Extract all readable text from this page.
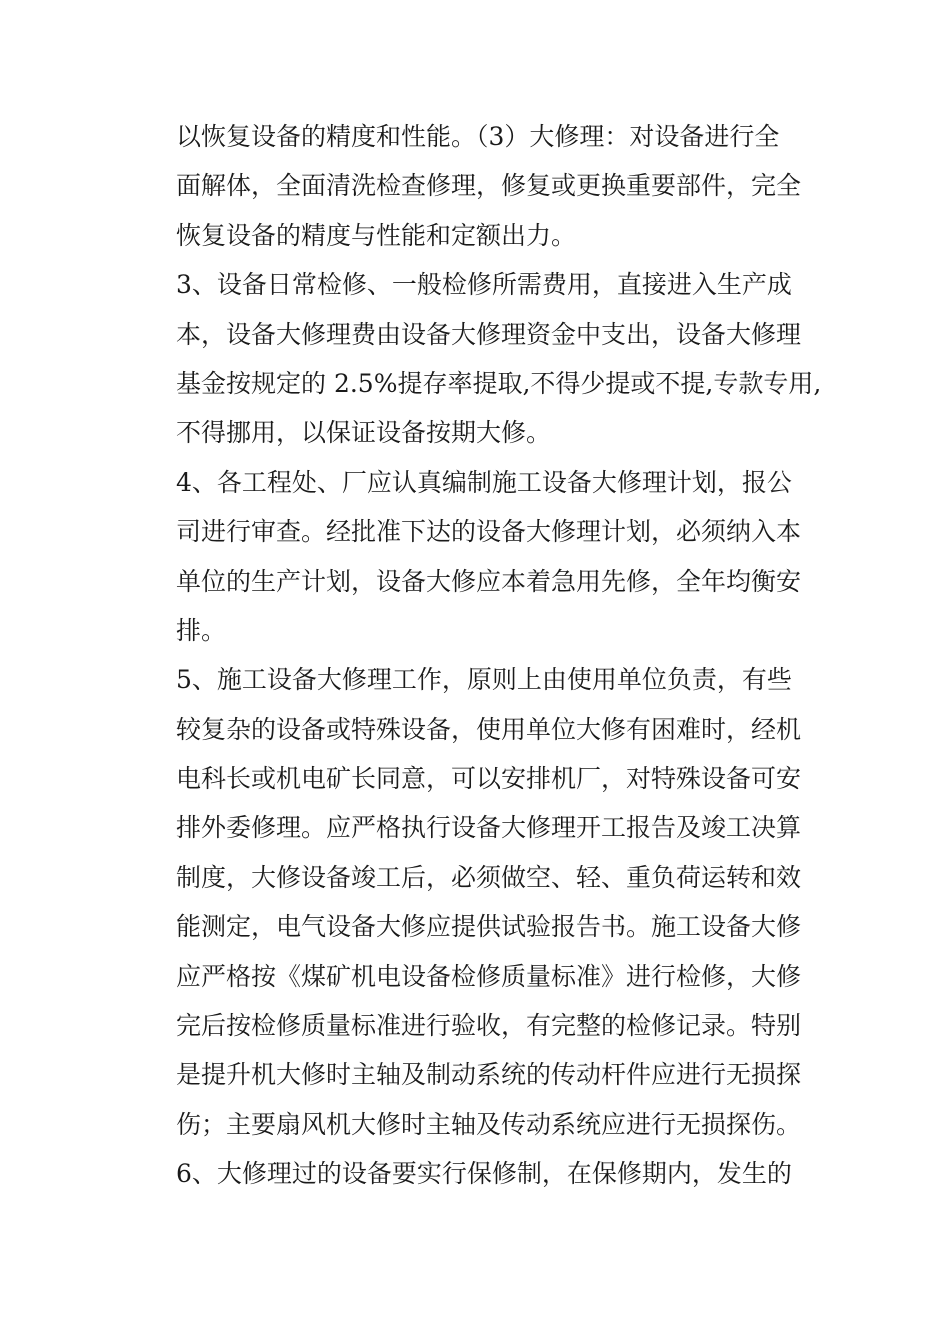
以恢复设备的精度和性能。（3）大修理：对设备进行全
面解体，全面清洗检查修理，修复或更换重要部件，完全
恢复设备的精度与性能和定额出力。
3、设备日常检修、一般检修所需费用，直接进入生产成
本，设备大修理费由设备大修理资金中支出，设备大修理
基金按规定的 2.5%提存率提取,不得少提或不提,专款专用,
不得挪用，以保证设备按期大修。
4、各工程处、厂应认真编制施工设备大修理计划，报公
司进行审查。经批准下达的设备大修理计划，必须纳入本
单位的生产计划，设备大修应本着急用先修，全年均衡安
排。
5、施工设备大修理工作，原则上由使用单位负责，有些
较复杂的设备或特殊设备，使用单位大修有困难时，经机
电科长或机电矿长同意，可以安排机厂，对特殊设备可安
排外委修理。应严格执行设备大修理开工报告及竣工决算
制度，大修设备竣工后，必须做空、轻、重负荷运转和效
能测定，电气设备大修应提供试验报告书。施工设备大修
应严格按《煤矿机电设备检修质量标准》进行检修，大修
完后按检修质量标准进行验收，有完整的检修记录。特别
是提升机大修时主轴及制动系统的传动杆件应进行无损探
伤；主要扇风机大修时主轴及传动系统应进行无损探伤。
6、大修理过的设备要实行保修制，在保修期内，发生的
